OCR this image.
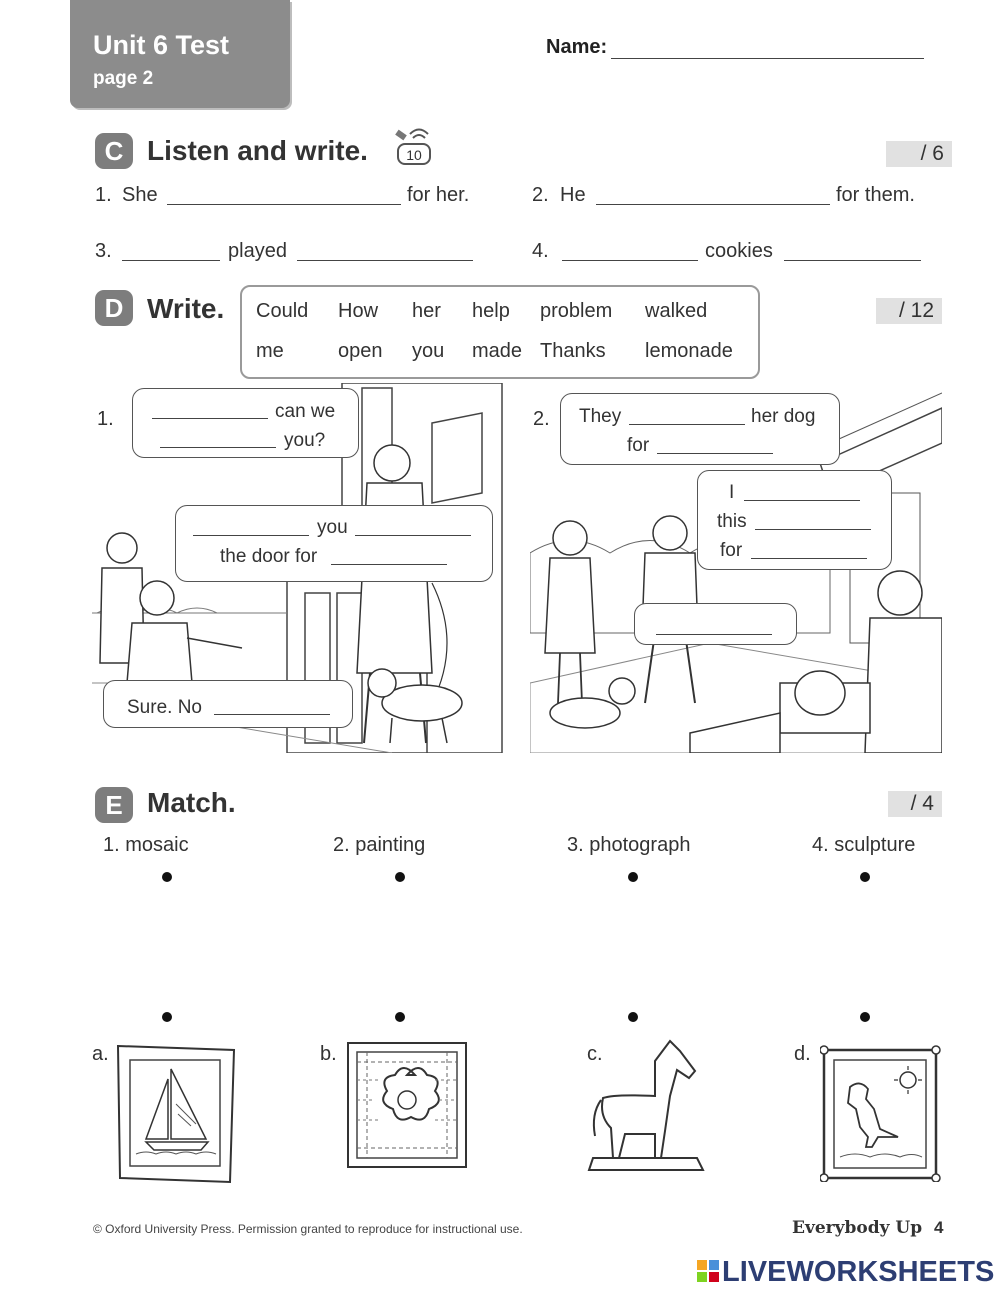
Unit 6 Test
page 2
Name:
C Listen and write.	10	/ 6
1. She	for her.	2. He	for them.
3.	played	4.	cookies
D Write.	/ 12
Could How her help problem walked
me	open you made Thanks lemonade
1.	can we
you?
you
the door for
Sure. No
2. They	her dog
for
I
this
for
E Match.	/ 4
1. mosaic	2. painting	3. photograph	4. sculpture
a.	b.	c.	d.
© Oxford University Press. Permission granted to reproduce for instructional use.	Everybody Up 4
LIVEWORKSHEETS
